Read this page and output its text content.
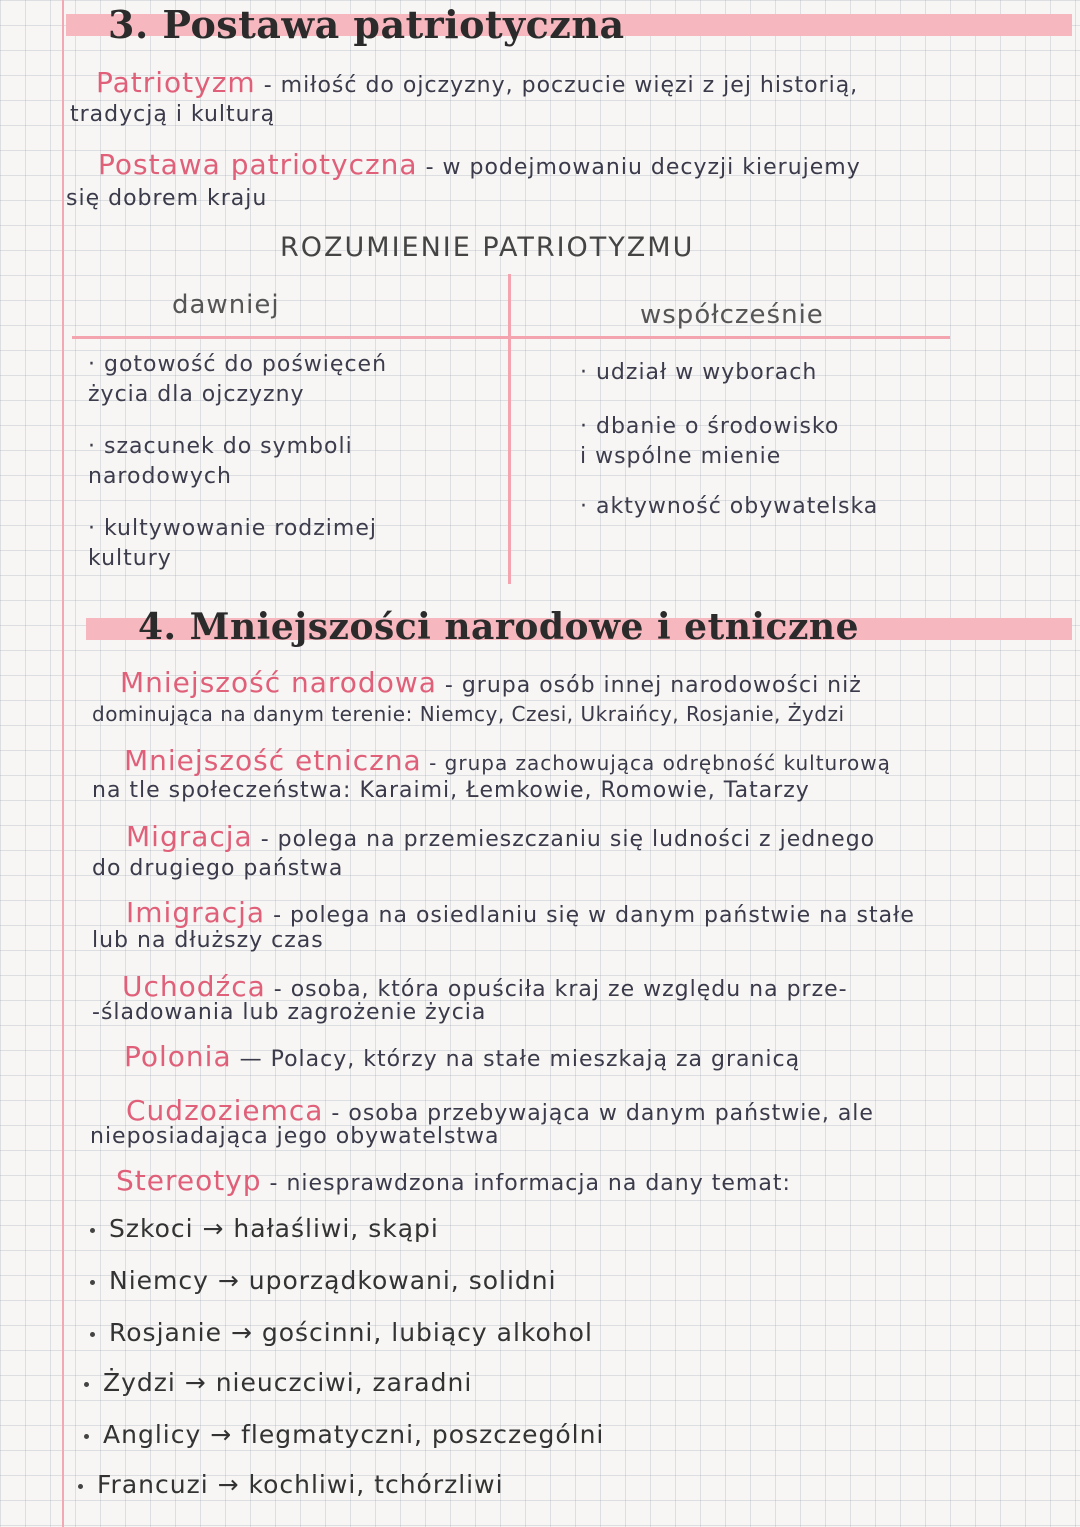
3. Postawa patriotyczna
Patriotyzm - miłość do ojczyzny, poczucie więzi z jej historią,
tradycją i kulturą
Postawa patriotyczna - w podejmowaniu decyzji kierujemy
się dobrem kraju
ROZUMIENIE PATRIOTYZMU
dawniej	współcześnie
· gotowość do poświęceń
życia dla ojczyzny
· szacunek do symboli
narodowych
· kultywowanie rodzimej
kultury
· udział w wyborach
· dbanie o środowisko
i wspólne mienie
· aktywność obywatelska
4. Mniejszości narodowe i etniczne
Mniejszość narodowa - grupa osób innej narodowości niż
dominująca na danym terenie: Niemcy, Czesi, Ukraińcy, Rosjanie, Żydzi
Mniejszość etniczna - grupa zachowująca odrębność kulturową
na tle społeczeństwa: Karaimi, Łemkowie, Romowie, Tatarzy
Migracja - polega na przemieszczaniu się ludności z jednego
do drugiego państwa
Imigracja - polega na osiedlaniu się w danym państwie na stałe
lub na dłuższy czas
Uchodźca - osoba, która opuściła kraj ze względu na prze-
-śladowania lub zagrożenie życia
Polonia — Polacy, którzy na stałe mieszkają za granicą
Cudzoziemca - osoba przebywająca w danym państwie, ale
nieposiadająca jego obywatelstwa
Stereotyp - niesprawdzona informacja na dany temat:
Szkoci → hałaśliwi, skąpi
Niemcy → uporządkowani, solidni
Rosjanie → gościnni, lubiący alkohol
Żydzi → nieuczciwi, zaradni
Anglicy → flegmatyczni, poszczególni
Francuzi → kochliwi, tchórzliwi
